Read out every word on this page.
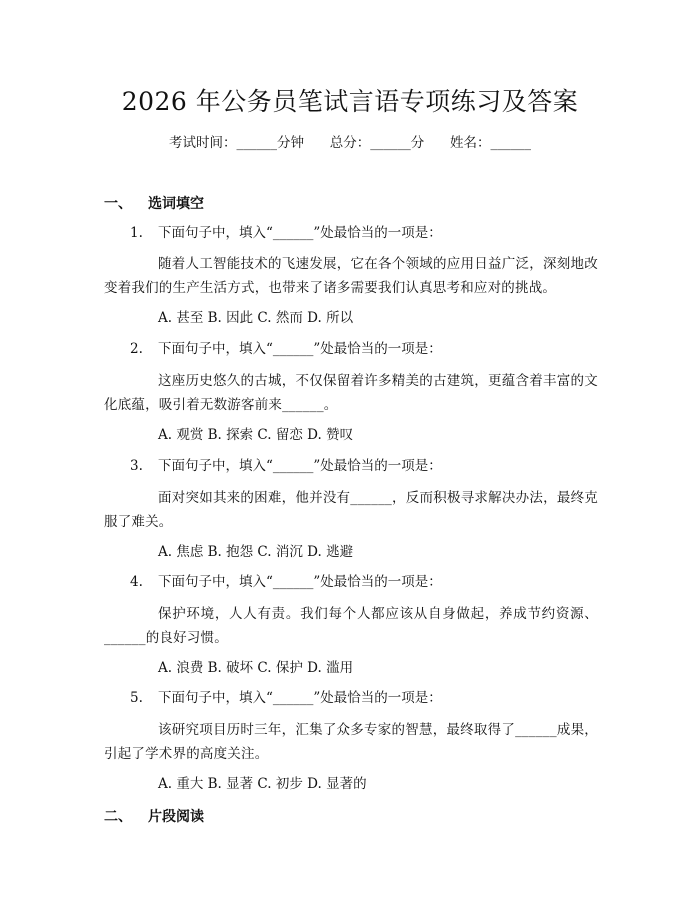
2026 年公务员笔试言语专项练习及答案
考试时间：______分钟      总分：______分      姓名：______
一、 选词填空
1. 下面句子中，填入“______”处最恰当的一项是：
随着人工智能技术的飞速发展，它在各个领域的应用日益广泛，深刻地改变着我们的生产生活方式，也带来了诸多需要我们认真思考和应对的挑战。
A. 甚至 B. 因此 C. 然而 D. 所以
2. 下面句子中，填入“______”处最恰当的一项是：
这座历史悠久的古城，不仅保留着许多精美的古建筑，更蕴含着丰富的文化底蕴，吸引着无数游客前来______。
A. 观赏 B. 探索 C. 留恋 D. 赞叹
3. 下面句子中，填入“______”处最恰当的一项是：
面对突如其来的困难，他并没有______，反而积极寻求解决办法，最终克服了难关。
A. 焦虑 B. 抱怨 C. 消沉 D. 逃避
4. 下面句子中，填入“______”处最恰当的一项是：
保护环境，人人有责。我们每个人都应该从自身做起，养成节约资源、______的良好习惯。
A. 浪费 B. 破坏 C. 保护 D. 滥用
5. 下面句子中，填入“______”处最恰当的一项是：
该研究项目历时三年，汇集了众多专家的智慧，最终取得了______成果，引起了学术界的高度关注。
A. 重大 B. 显著 C. 初步 D. 显著的
二、 片段阅读
